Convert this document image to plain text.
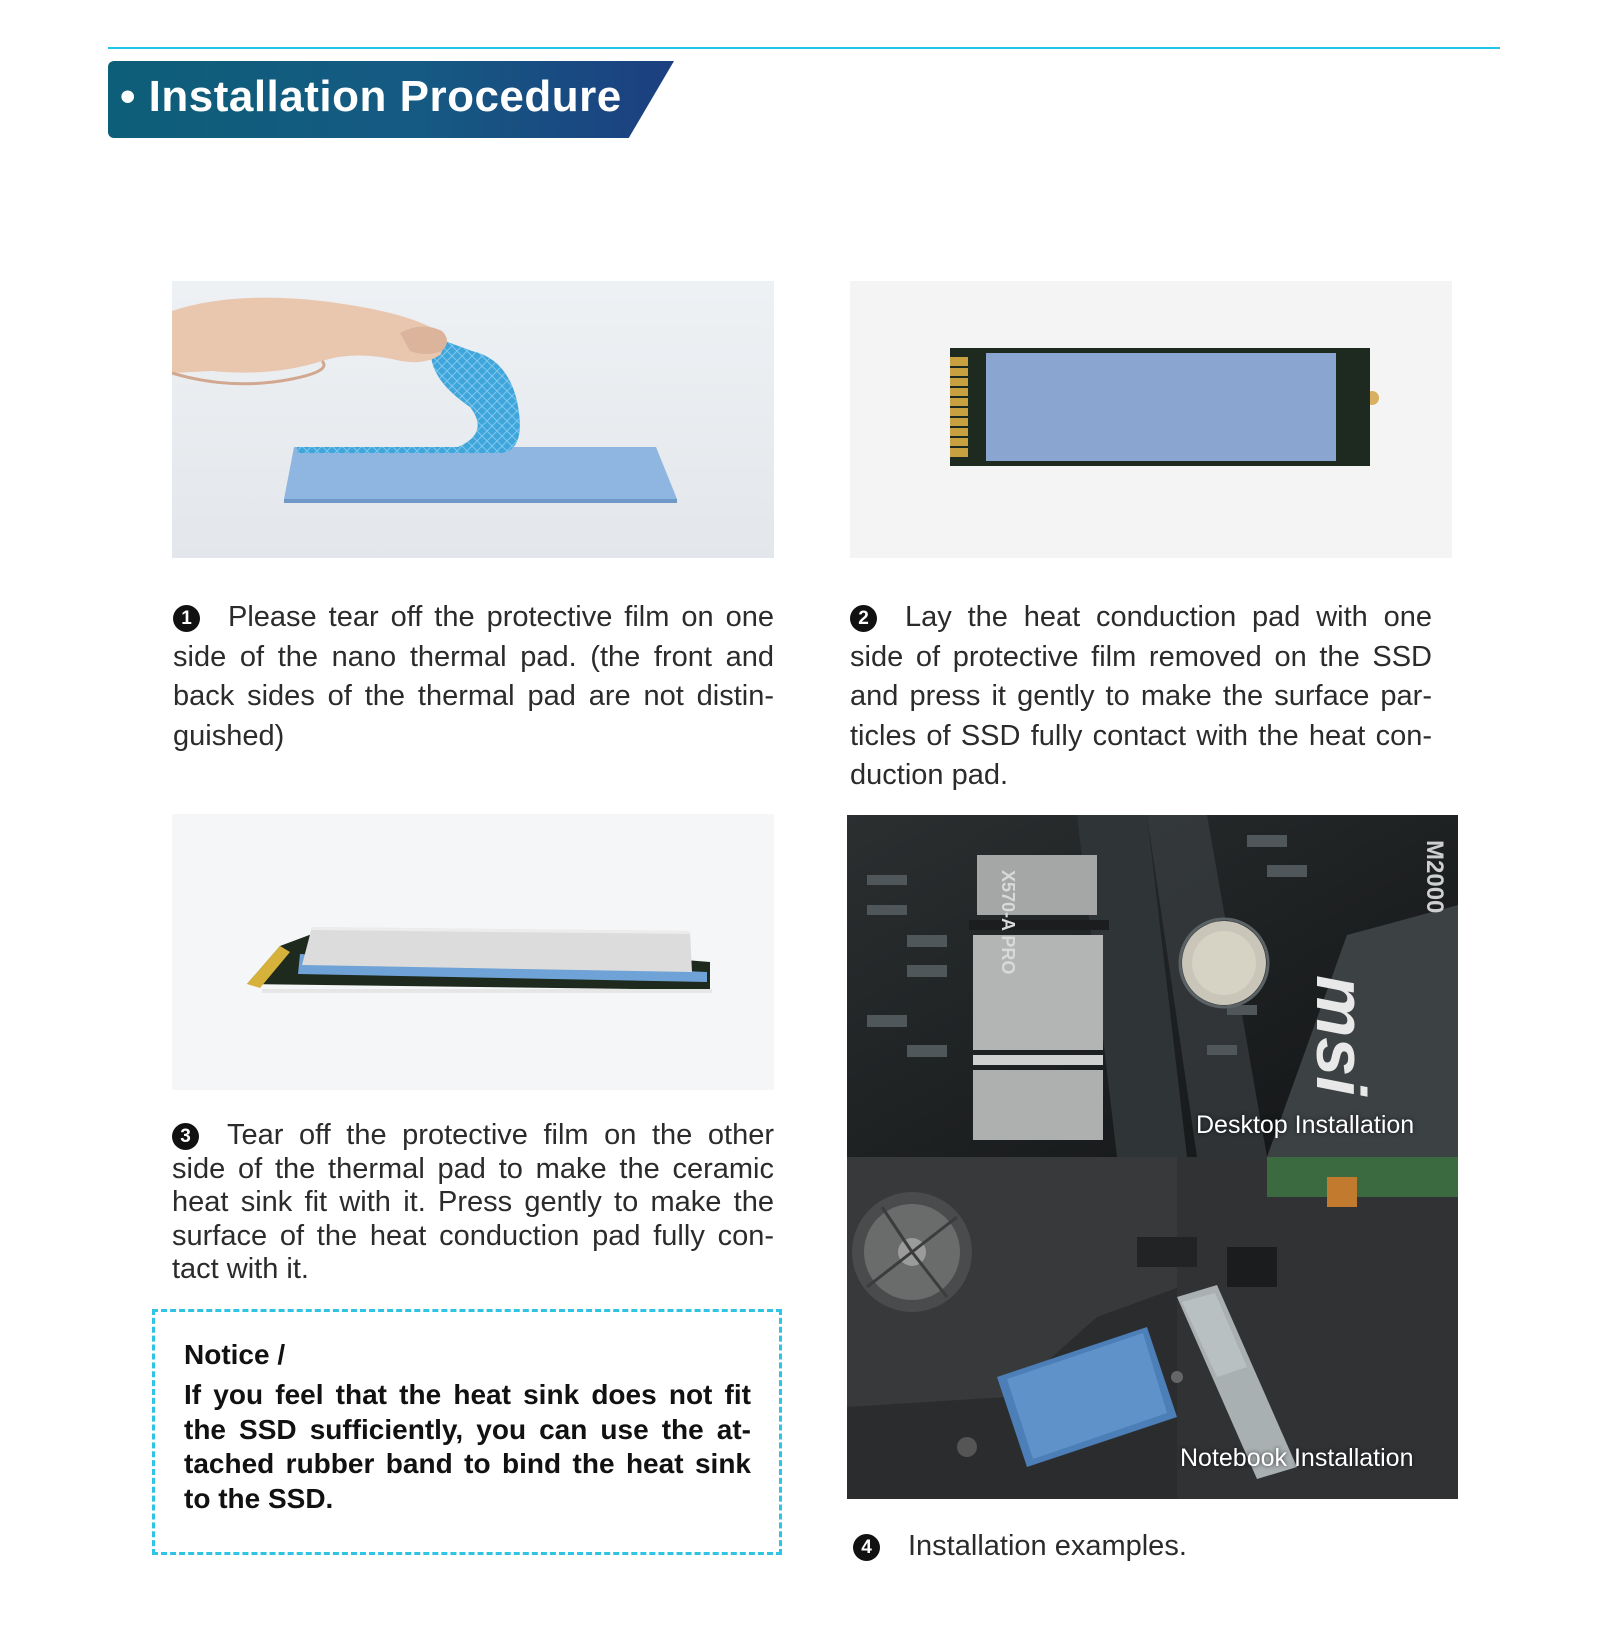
• Installation Procedure
1 Please tear off the protective film on one side of the nano thermal pad. (the front and back sides of the thermal pad are not distin-guished)
2 Lay the heat conduction pad with one side of protective film removed on the SSD and press it gently to make the surface par-ticles of SSD fully contact with the heat con-duction pad.
3 Tear off the protective film on the other side of the thermal pad to make the ceramic heat sink fit with it. Press gently to make the surface of the heat conduction pad fully con-tact with it.
Notice /
If you feel that the heat sink does not fit the SSD sufficiently, you can use the at-tached rubber band to bind the heat sink to the SSD.
msi
X570-A PRO	M2000
Desktop Installation
Notebook Installation
4 Installation examples.
